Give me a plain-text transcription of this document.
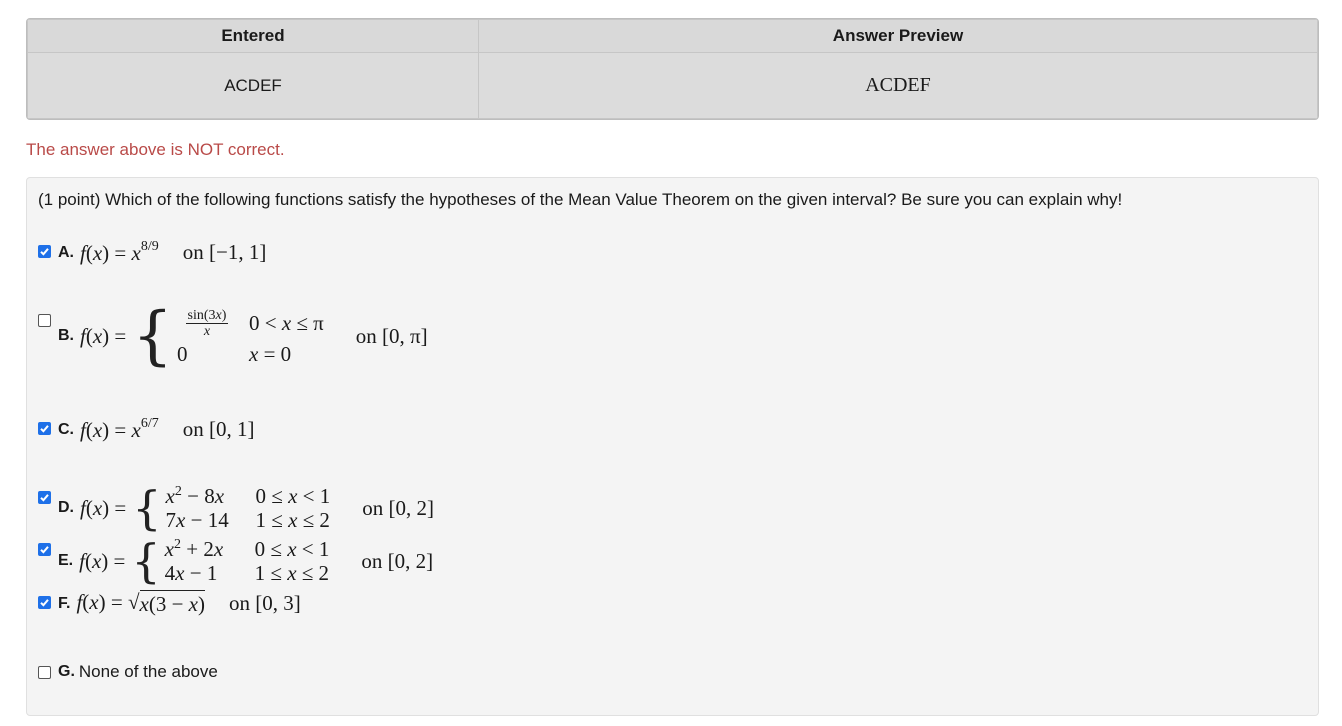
Entered	Answer Preview
ACDEF	ACDEF
The answer above is NOT correct.
(1 point) Which of the following functions satisfy the hypotheses of the Mean Value Theorem on the given interval? Be sure you can explain why!
A. $f(x) = x^{8/9}$ on [−1, 1]
B. f(x) = { $\frac{\sin(3x)}{x} 0 < x \le \pi$
0	x = 0
on [0, π]
C. $f(x) = x^{6/7}$ on [0, 1]
D. f(x) = { $x^2 - 8x$	0 ≤ x < 1
7x − 14	1 ≤ x ≤ 2 on [0, 2]
E. f(x) = { $x^2 + 2x$	0 ≤ x < 1
4x − 1	1 ≤ x ≤ 2 on [0, 2]
F. f(x) = √ x(3 − x) on [0, 3]
G. None of the above
